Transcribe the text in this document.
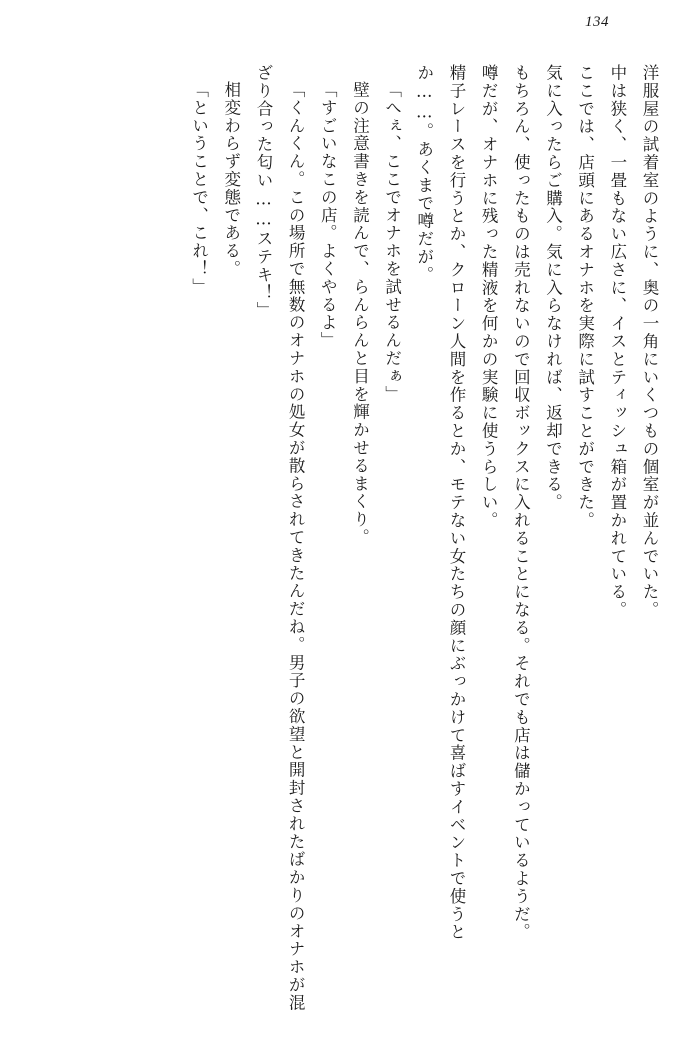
134
洋服屋の試着室のように、奥の一角にいくつもの個室が並んでいた。
中は狭く、一畳もない広さに、イスとティッシュ箱が置かれている。
ここでは、店頭にあるオナホを実際に試すことができた。
気に入ったらご購入。気に入らなければ、返却できる。
もちろん、使ったものは売れないので回収ボックスに入れることになる。それでも店は儲かっているようだ。
噂だが、オナホに残った精液を何かの実験に使うらしい。
精子レースを行うとか、クローン人間を作るとか、モテない女たちの顔にぶっかけて喜ばすイベントで使うとか……。あくまで噂だが。
「へぇ、ここでオナホを試せるんだぁ」
壁の注意書きを読んで、らんらんと目を輝かせるまくり。
「すごいなこの店。よくやるよ」
「くんくん。この場所で無数のオナホの処女が散らされてきたんだね。男子の欲望と開封されたばかりのオナホが混ざり合った匂い……ステキ！」
相変わらず変態である。
「ということで、これ！」
